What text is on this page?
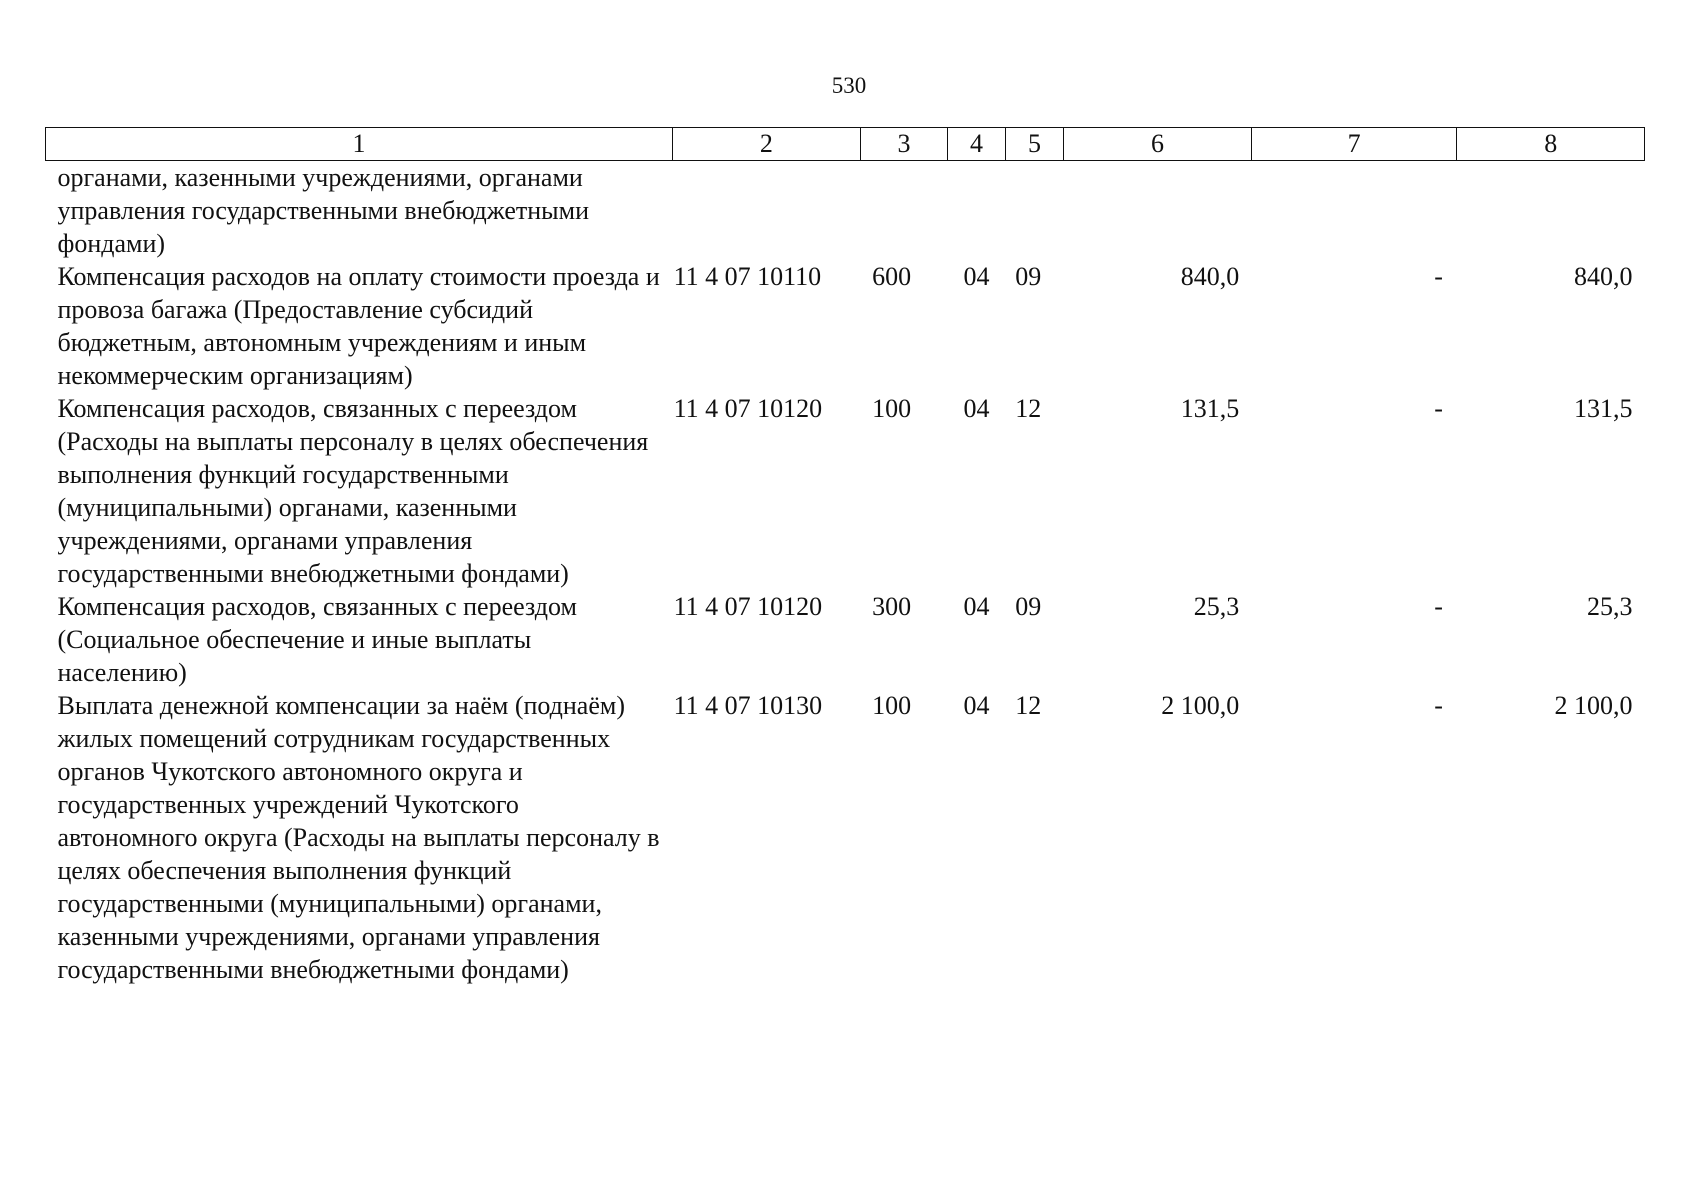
530
1	2	3	4	5	6	7	8
органами, казенными учреждениями, органами управления государственными внебюджетными фондами)							
Компенсация расходов на оплату стоимости проезда и провоза багажа (Предоставление субсидий бюджетным, автономным учреждениям и иным некоммерческим организациям)	11 4 07 10110	600	04	09	840,0	-	840,0
Компенсация расходов, связанных с переездом (Расходы на выплаты персоналу в целях обеспечения выполнения функций государственными (муниципальными) органами, казенными учреждениями, органами управления государственными внебюджетными фондами)	11 4 07 10120	100	04	12	131,5	-	131,5
Компенсация расходов, связанных с переездом (Социальное обеспечение и иные выплаты населению)	11 4 07 10120	300	04	09	25,3	-	25,3
Выплата денежной компенсации за наём (поднаём) жилых помещений сотрудникам государственных органов Чукотского автономного округа и государственных учреждений Чукотского автономного округа (Расходы на выплаты персоналу в целях обеспечения выполнения функций государственными (муниципальными) органами, казенными учреждениями, органами управления государственными внебюджетными фондами)	11 4 07 10130	100	04	12	2 100,0	-	2 100,0
